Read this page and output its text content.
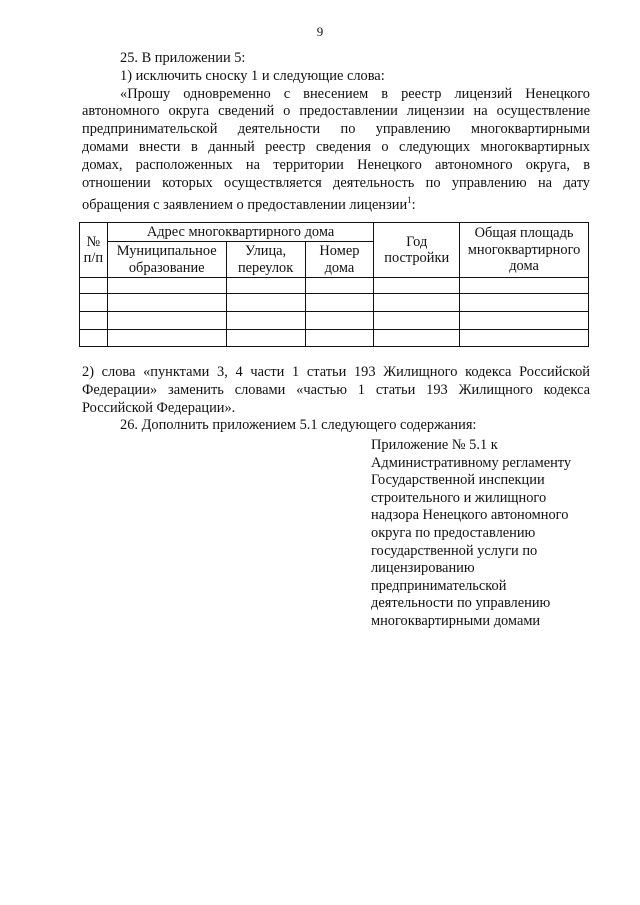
9
25. В приложении 5:
1) исключить сноску 1 и следующие слова:
«Прошу одновременно с внесением в реестр лицензий Ненецкого
автономного округа сведений о предоставлении лицензии на осуществление
предпринимательской деятельности по управлению многоквартирными
домами внести в данный реестр сведения о следующих многоквартирных
домах, расположенных на территории Ненецкого автономного округа, в
отношении которых осуществляется деятельность по управлению на дату
обращения с заявлением о предоставлении лицензии$^1$:
№
п/п	Адрес многоквартирного дома			Год постройки	Общая площадь многоквартирного дома
	Муниципальное образование	Улица, переулок	Номер дома		

2) слова «пунктами 3, 4 части 1 статьи 193 Жилищного кодекса Российской
Федерации» заменить словами «частью 1 статьи 193 Жилищного кодекса
Российской Федерации».
26. Дополнить приложением 5.1 следующего содержания:
Приложение № 5.1 к
Административному регламенту
Государственной инспекции
строительного и жилищного
надзора Ненецкого автономного
округа по предоставлению
государственной услуги по
лицензированию
предпринимательской
деятельности по управлению
многоквартирными домами
